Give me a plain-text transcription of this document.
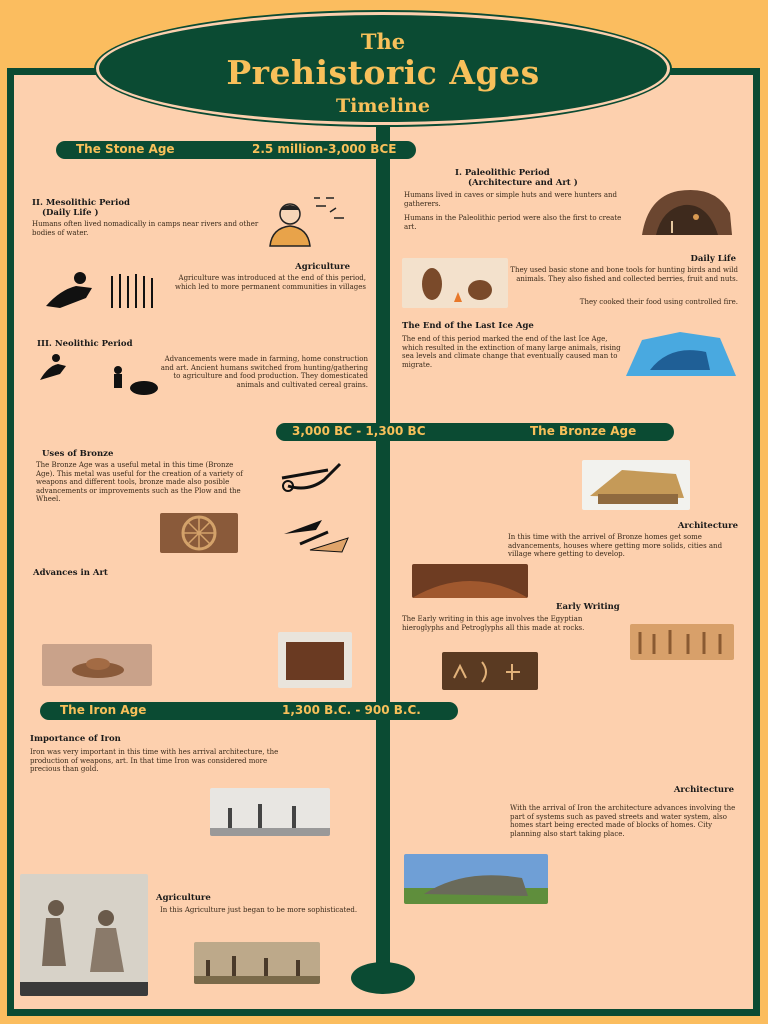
The
Prehistoric Ages
Timeline
The Stone Age	2.5 million-3,000 BCE
I. Paleolithic Period
(Architecture and Art )
Humans lived in caves or simple huts and were hunters and gatherers.
Humans in the Paleolithic period were also the first to create art.
II. Mesolithic Period
(Daily Life )
Humans often lived nomadically in camps near rivers and other bodies of water.
Daily Life
They used basic stone and bone tools for hunting birds and wild animals. They also fished and collected berries, fruit and nuts.
They cooked their food using controlled fire.
Agriculture
Agriculture was introduced at the end of this period, which led to more permanent communities in villages
The End of the Last Ice Age
The end of this period marked the end of the last Ice Age, which resulted in the extinction of many large animals, rising sea levels and climate change that eventually caused man to migrate.
III. Neolithic Period
Advancements were made in farming, home construction and art. Ancient humans switched from hunting/gathering to agriculture and food production. They domesticated animals and cultivated cereal grains.
3,000 BC - 1,300 BC	The Bronze Age
Uses of Bronze
The Bronze Age was a useful metal in this time (Bronze Age). This metal was useful for the creation of a variety of weapons and different tools, bronze made also posible advancements or improvements such as the Plow and the Wheel.
Architecture
In this time with the arrivel of Bronze homes get some advancements, houses where getting more solids, cities and village where getting to develop.
Advances in Art
Early Writing
The Early writing in this age involves the Egyptian hieroglyphs and Petroglyphs all this made at rocks.
The Iron Age	1,300 B.C. - 900 B.C.
Importance of Iron
Iron was very important in this time with hes arrival architecture, the production of weapons, art. In that time Iron was considered more precious than gold.
Architecture
With the arrival of Iron the architecture advances involving the part of systems such as paved streets and water system, also homes start being erected made of blocks of homes. City planning also start taking place.
Agriculture
In this Agriculture just began to be more sophisticated.
